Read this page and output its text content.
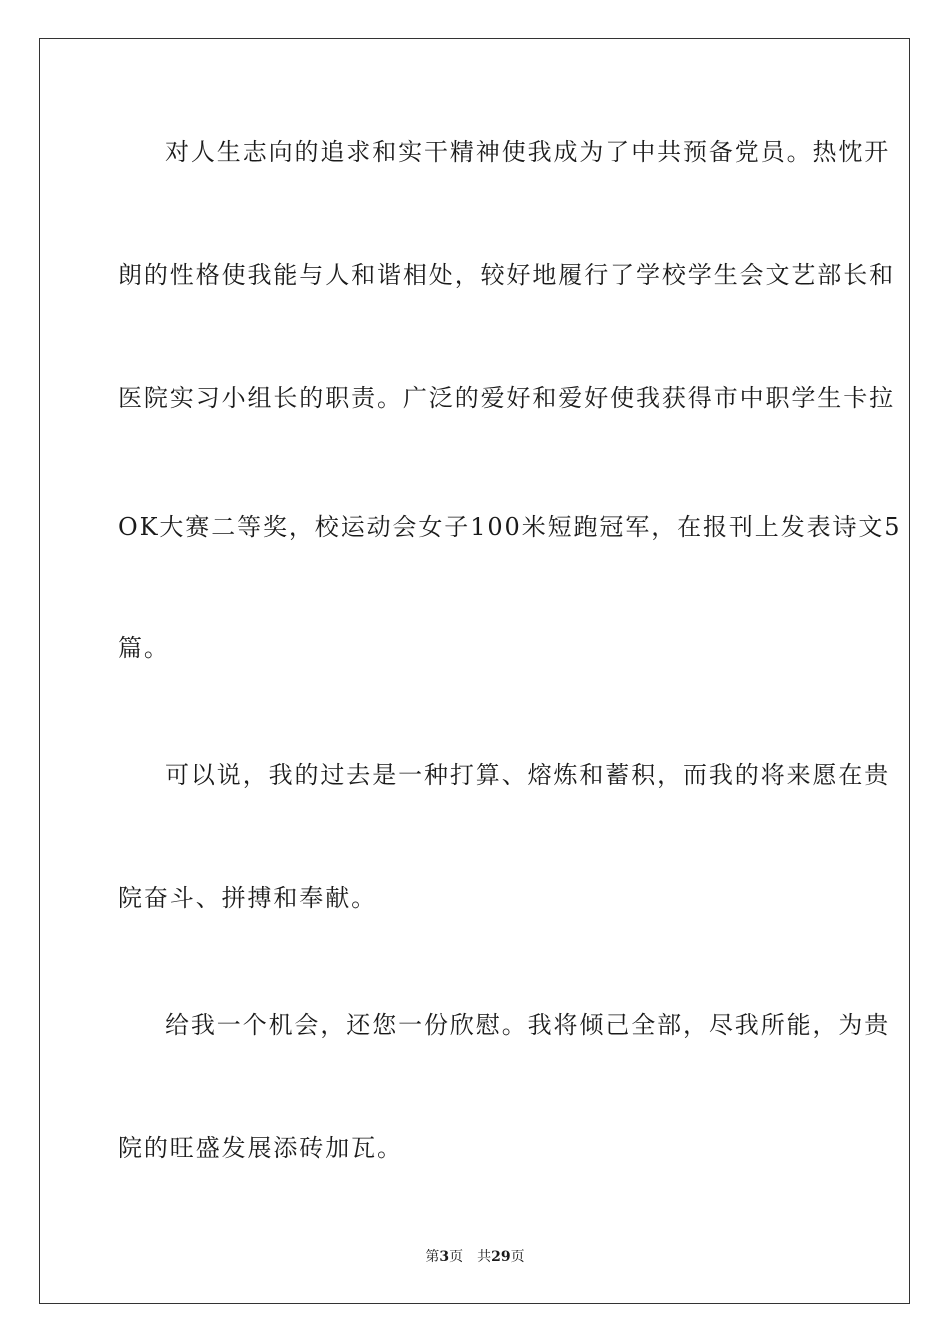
对人生志向的追求和实干精神使我成为了中共预备党员。热忱开
朗的性格使我能与人和谐相处，较好地履行了学校学生会文艺部长和
医院实习小组长的职责。广泛的爱好和爱好使我获得市中职学生卡拉
OK大赛二等奖，校运动会女子100米短跑冠军，在报刊上发表诗文5
篇。
可以说，我的过去是一种打算、熔炼和蓄积，而我的将来愿在贵
院奋斗、拼搏和奉献。
给我一个机会，还您一份欣慰。我将倾己全部，尽我所能，为贵
院的旺盛发展添砖加瓦。
第3页 共29页
